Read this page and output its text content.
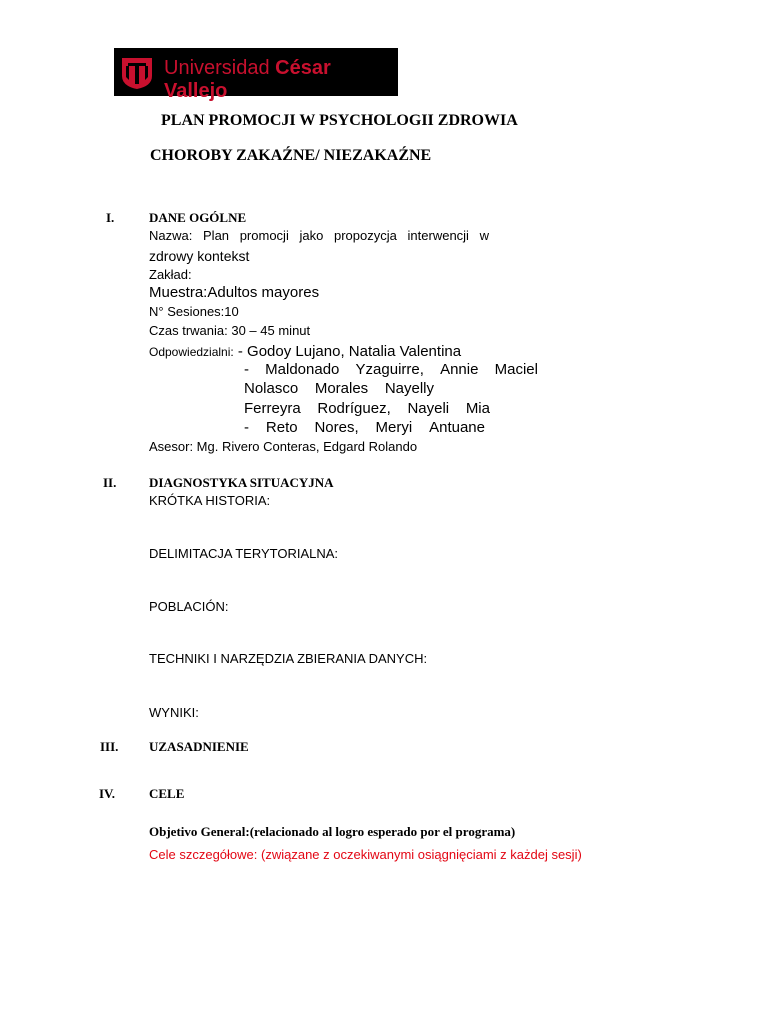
Universidad César Vallejo
PLAN PROMOCJI W PSYCHOLOGII ZDROWIA
CHOROBY ZAKAŹNE/ NIEZAKAŹNE
I.	DANE OGÓLNE
Nazwa: Plan promocji jako propozycja interwencji w
zdrowy kontekst
Zakład:
Muestra:Adultos mayores
N° Sesiones:10
Czas trwania: 30 – 45 minut
Odpowiedzialni: - Godoy Lujano, Natalia Valentina
- Maldonado Yzaguirre, Annie Maciel
Nolasco Morales Nayelly
Ferreyra Rodríguez, Nayeli Mia
- Reto Nores, Meryi Antuane
Asesor: Mg. Rivero Conteras, Edgard Rolando
II.	DIAGNOSTYKA SITUACYJNA
KRÓTKA HISTORIA:
DELIMITACJA TERYTORIALNA:
POBLACIÓN:
TECHNIKI I NARZĘDZIA ZBIERANIA DANYCH:
WYNIKI:
III. UZASADNIENIE
IV.	CELE
Objetivo General:(relacionado al logro esperado por el programa)
Cele szczegółowe: (związane z oczekiwanymi osiągnięciami z każdej sesji)
